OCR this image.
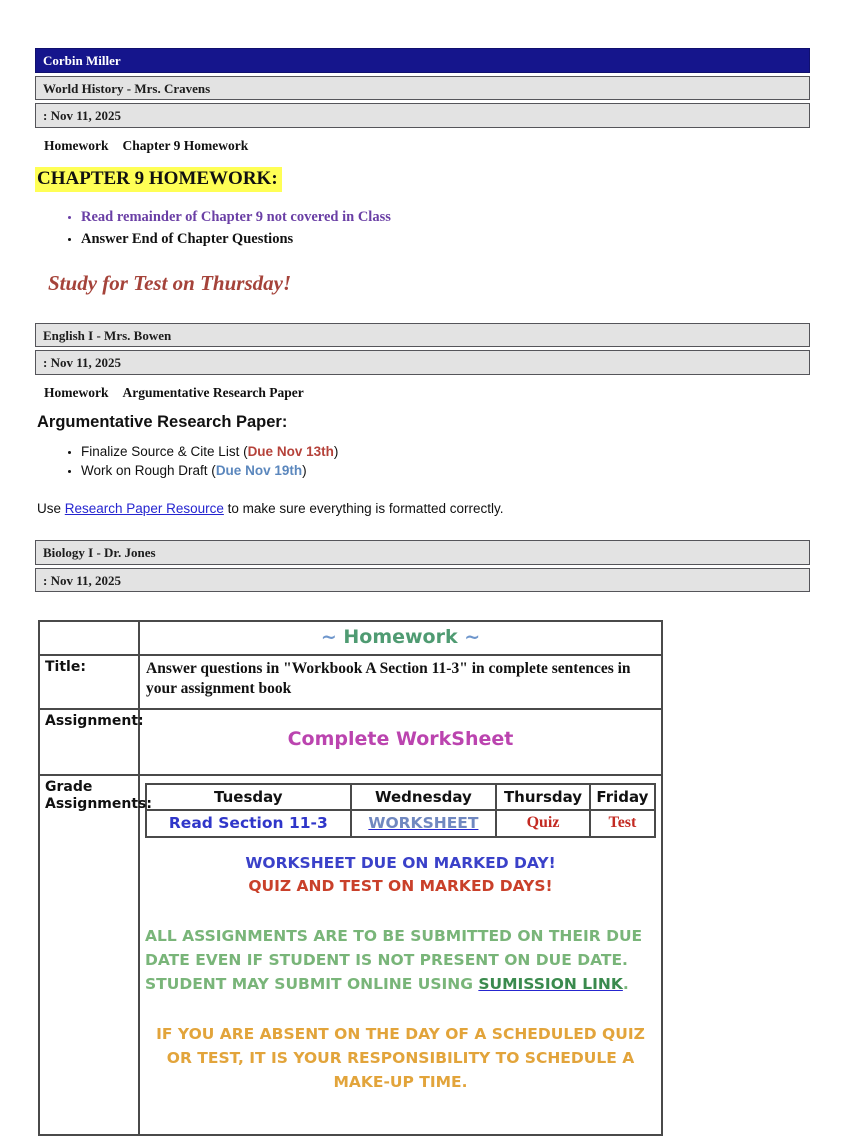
Corbin Miller
World History - Mrs. Cravens
: Nov 11, 2025
Homework Chapter 9 Homework
CHAPTER 9 HOMEWORK:
• Read remainder of Chapter 9 not covered in Class
• Answer End of Chapter Questions
Study for Test on Thursday!
English I - Mrs. Bowen
: Nov 11, 2025
Homework Argumentative Research Paper
Argumentative Research Paper:
• Finalize Source & Cite List (Due Nov 13th)
• Work on Rough Draft (Due Nov 19th)
Use Research Paper Resource to make sure everything is formatted correctly.
Biology I - Dr. Jones
: Nov 11, 2025
	~ Homework ~
Title:	Answer questions in "Workbook A Section 11-3" in complete sentences in your assignment book
Assignment:	Complete WorkSheet
Grade Assignments:		Tuesday	Wednesday	Thursday	Friday
Read Section 11-3	WORKSHEET	Quiz	Test
WORKSHEET DUE ON MARKED DAY!
QUIZ AND TEST ON MARKED DAYS!
ALL ASSIGNMENTS ARE TO BE SUBMITTED ON THEIR DUE DATE EVEN IF STUDENT IS NOT PRESENT ON DUE DATE. STUDENT MAY SUBMIT ONLINE USING SUMISSION LINK.
IF YOU ARE ABSENT ON THE DAY OF A SCHEDULED QUIZ OR TEST, IT IS YOUR RESPONSIBILITY TO SCHEDULE A MAKE-UP TIME.
